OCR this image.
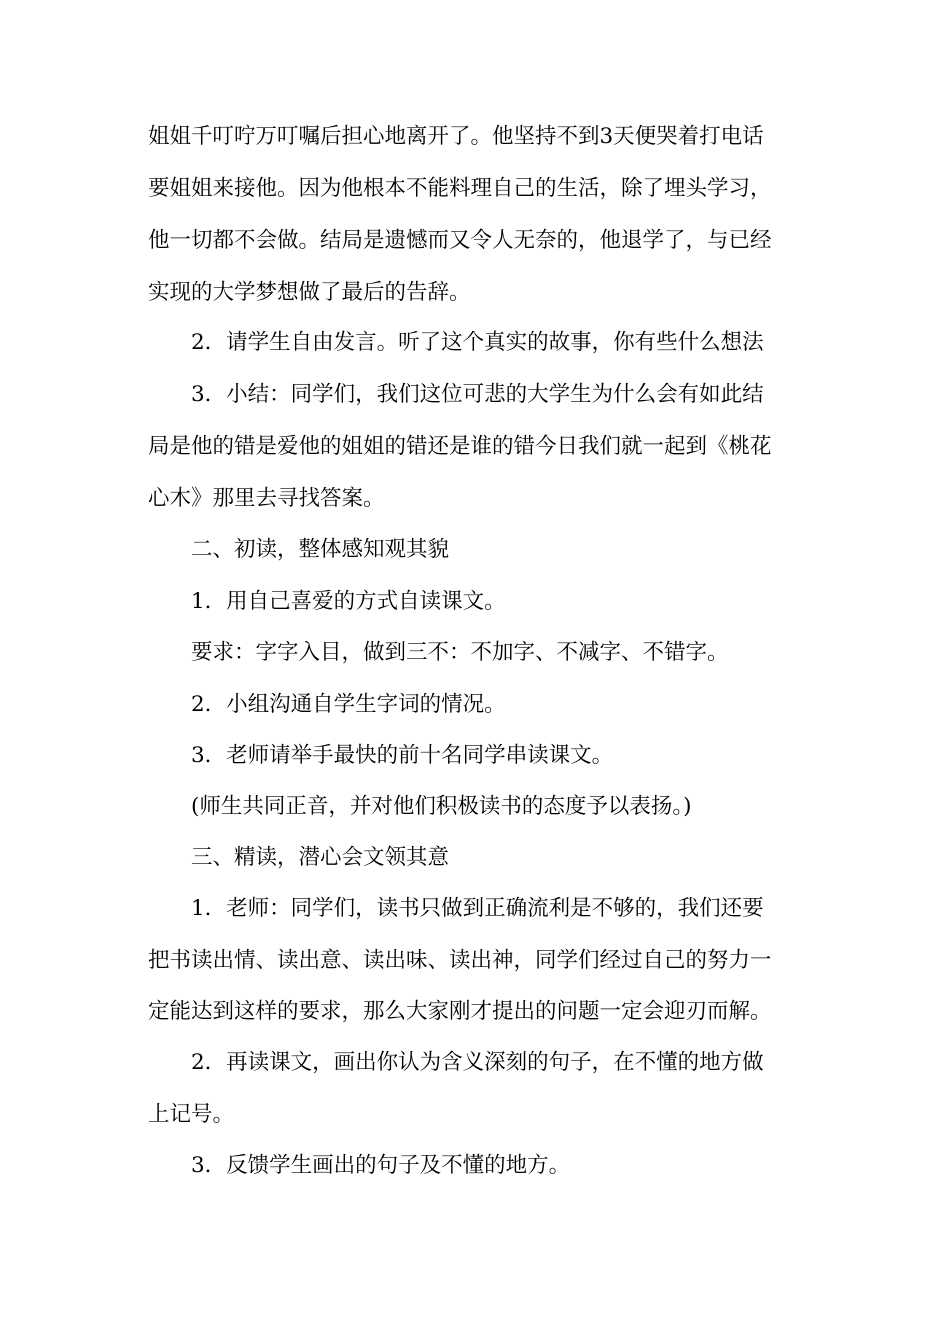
姐姐千叮咛万叮嘱后担心地离开了。他坚持不到3天便哭着打电话
要姐姐来接他。因为他根本不能料理自己的生活，除了埋头学习，
他一切都不会做。结局是遗憾而又令人无奈的，他退学了，与已经
实现的大学梦想做了最后的告辞。
2．请学生自由发言。听了这个真实的故事，你有些什么想法
3．小结：同学们，我们这位可悲的大学生为什么会有如此结
局是他的错是爱他的姐姐的错还是谁的错今日我们就一起到《桃花
心木》那里去寻找答案。
二、初读，整体感知观其貌
1．用自己喜爱的方式自读课文。
要求：字字入目，做到三不：不加字、不减字、不错字。
2．小组沟通自学生字词的情况。
3．老师请举手最快的前十名同学串读课文。
(师生共同正音，并对他们积极读书的态度予以表扬。)
三、精读，潜心会文领其意
1．老师：同学们，读书只做到正确流利是不够的，我们还要
把书读出情、读出意、读出味、读出神，同学们经过自己的努力一
定能达到这样的要求，那么大家刚才提出的问题一定会迎刃而解。
2．再读课文，画出你认为含义深刻的句子，在不懂的地方做
上记号。
3．反馈学生画出的句子及不懂的地方。
